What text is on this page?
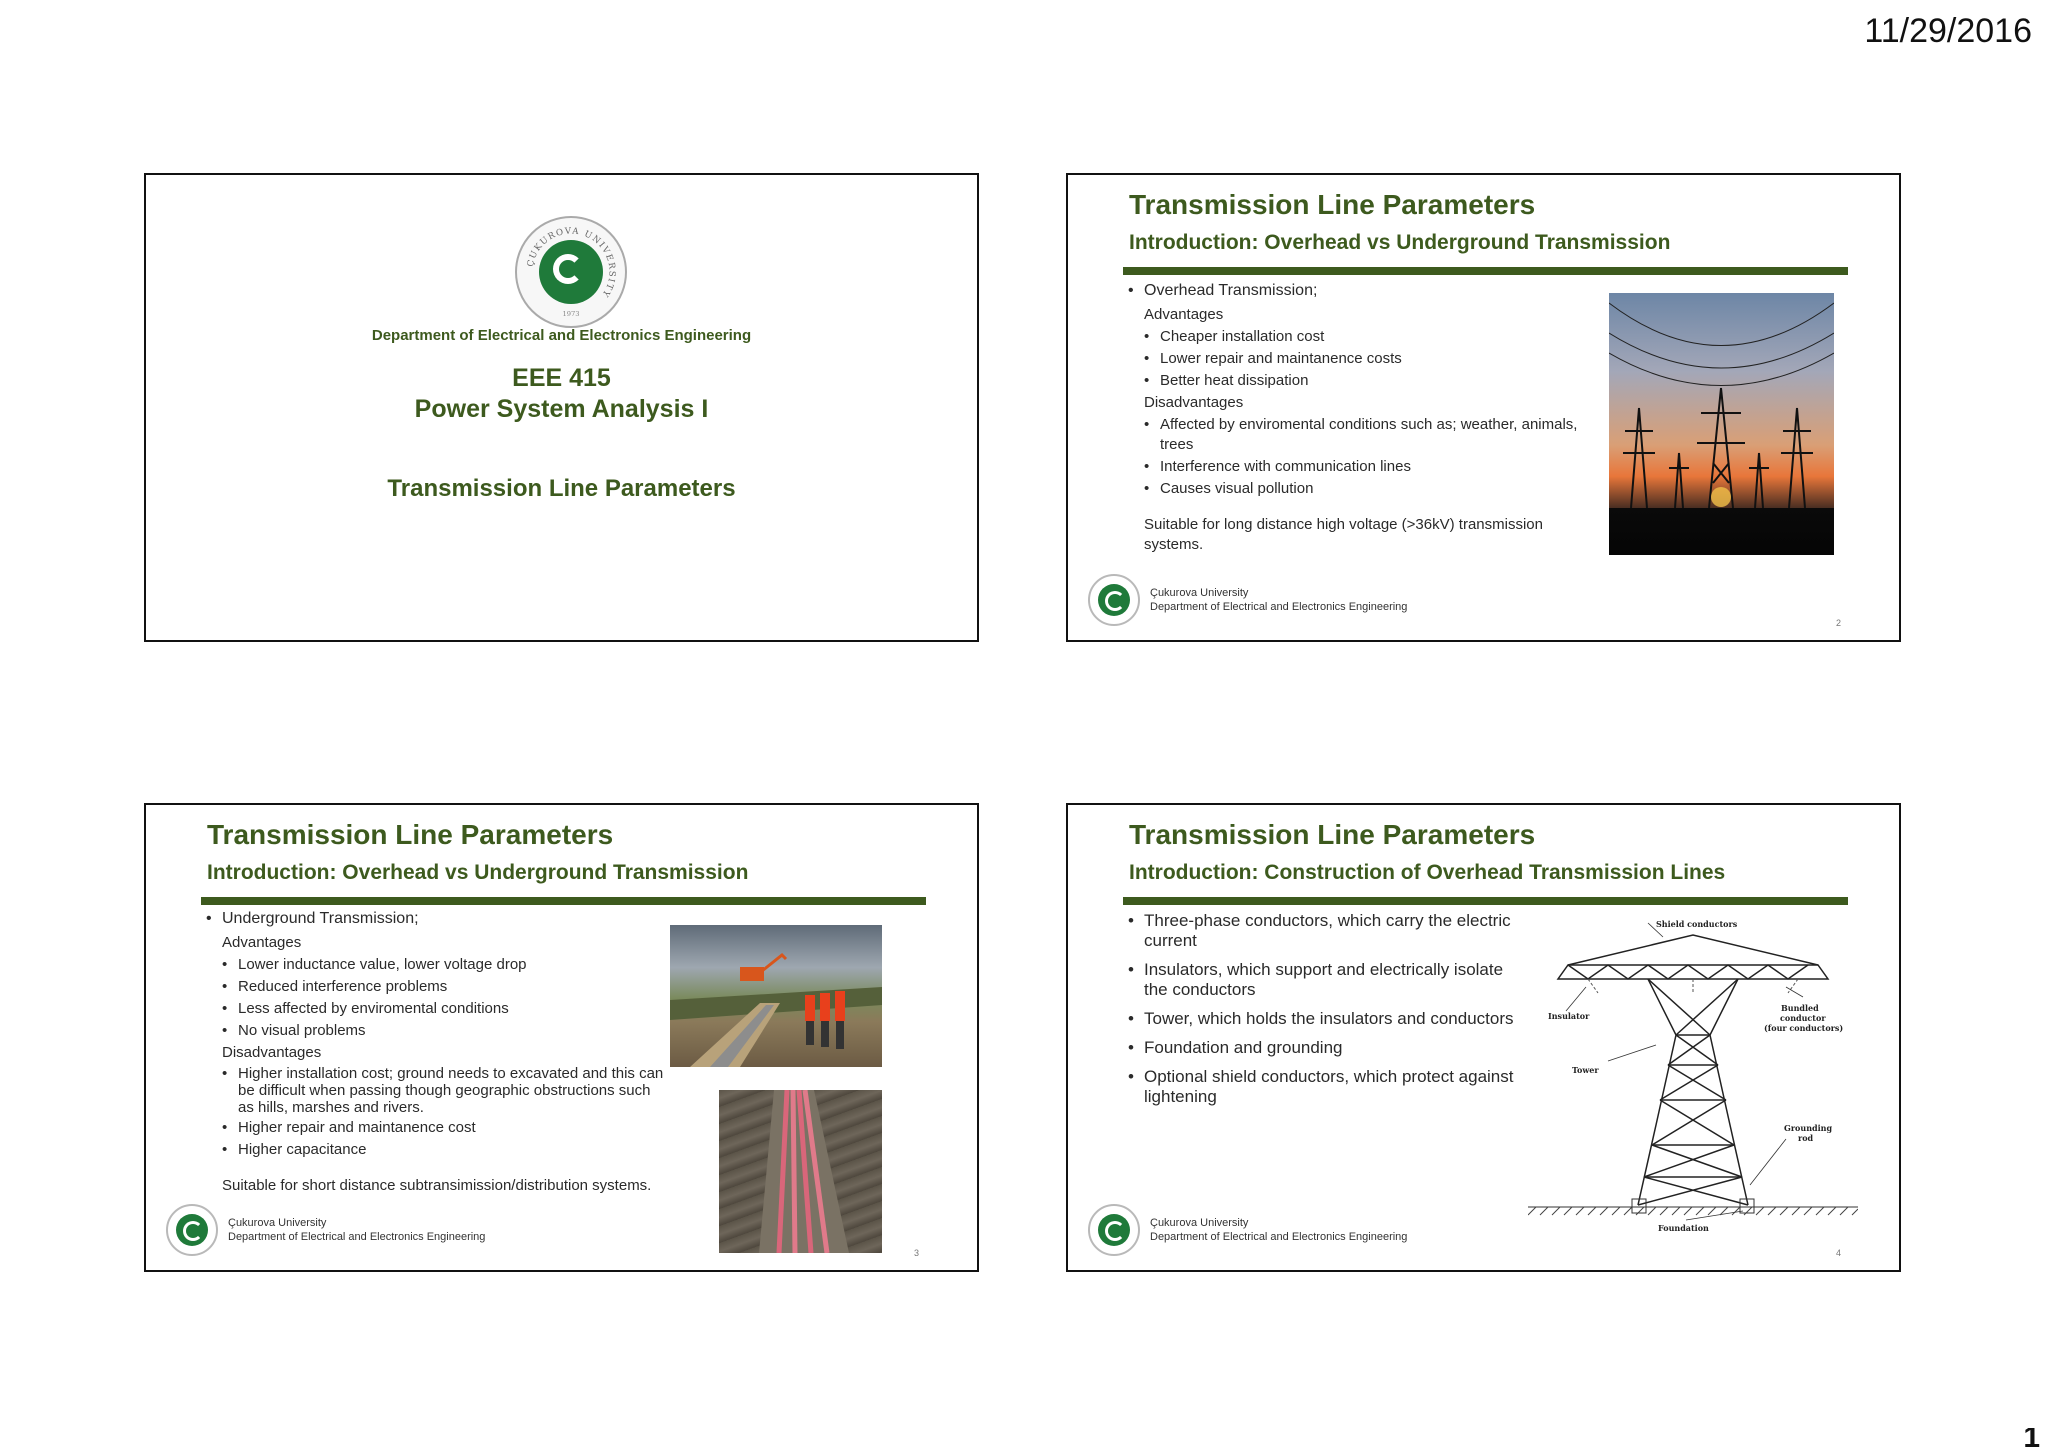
11/29/2016
ÇUKUROVA UNIVERSITY
1973
Department of Electrical and Electronics Engineering
EEE 415
Power System Analysis I
Transmission Line Parameters
Transmission Line Parameters
Introduction: Overhead vs Underground Transmission
• Overhead Transmission;
Advantages
• Cheaper installation cost
• Lower repair and maintanence costs
• Better heat dissipation
Disadvantages
• Affected by enviromental conditions such as; weather, animals, trees
• Interference with communication lines
• Causes visual pollution
Suitable for long distance high voltage (>36kV) transmission systems.
Çukurova University
Department of Electrical and Electronics Engineering
2
Transmission Line Parameters
Introduction: Overhead vs Underground Transmission
• Underground Transmission;
Advantages
• Lower inductance value, lower voltage drop
• Reduced interference problems
• Less affected by enviromental conditions
• No visual problems
Disadvantages
• Higher installation cost; ground needs to excavated and this can be difficult when passing though geographic obstructions such as hills, marshes and rivers.
• Higher repair and maintanence cost
• Higher capacitance
Suitable for short distance subtransimission/distribution systems.
Çukurova University
Department of Electrical and Electronics Engineering
3
Transmission Line Parameters
Introduction: Construction of Overhead Transmission Lines
• Three-phase conductors, which carry the electric current
• Insulators, which support and electrically isolate the conductors
• Tower, which holds the insulators and conductors
• Foundation and grounding
• Optional shield conductors, which protect against lightening
Shield conductors
Insulator
Bundled
conductor
(four conductors)
Tower
Grounding
rod
Foundation
Çukurova University
Department of Electrical and Electronics Engineering
4
1
